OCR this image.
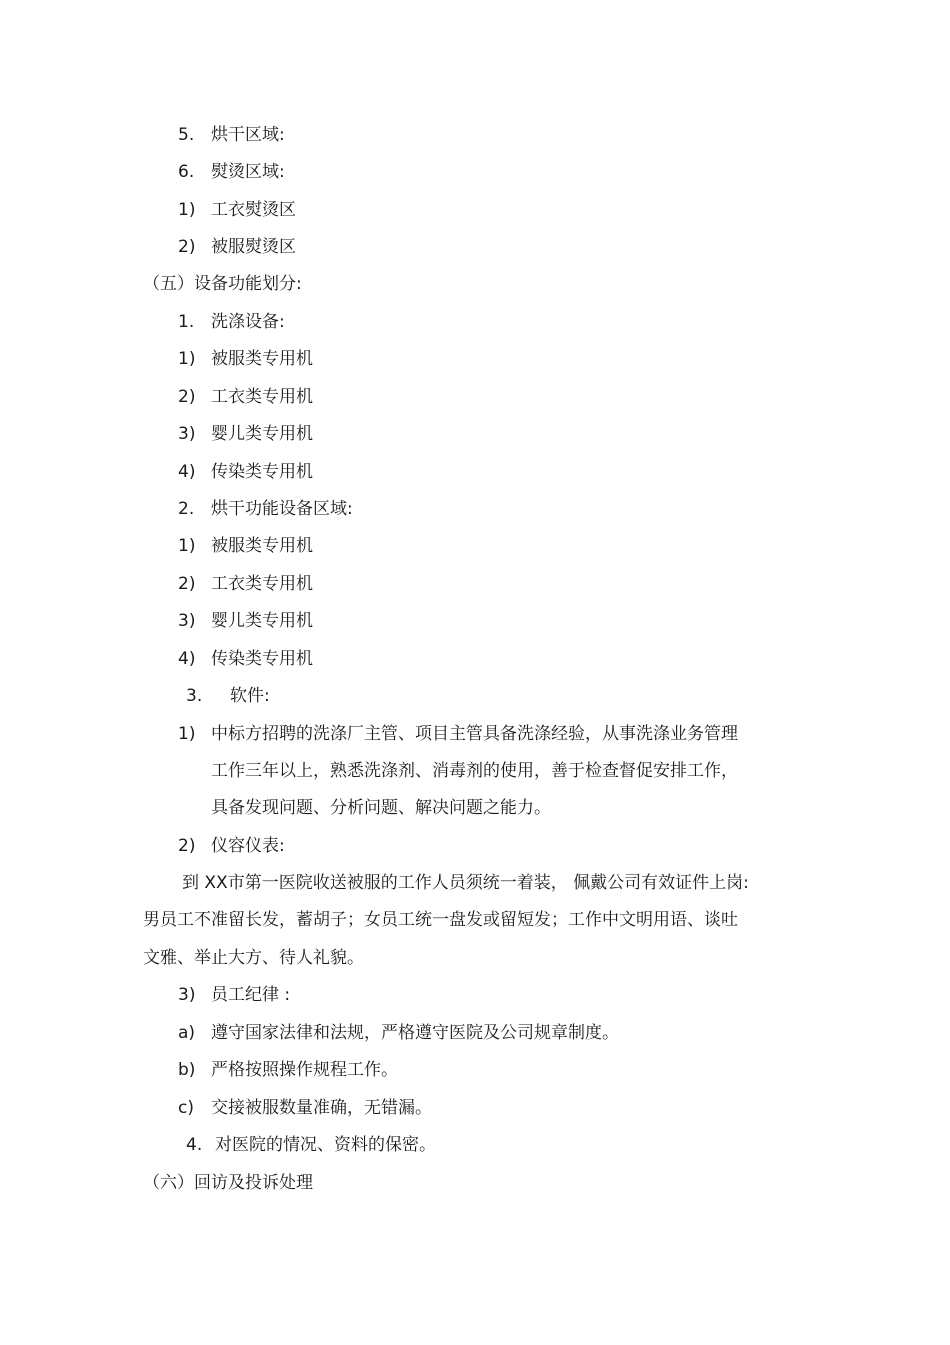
5. 烘干区域:
6. 熨烫区域:
1) 工衣熨烫区
2) 被服熨烫区
（五）设备功能划分:
1. 洗涤设备:
1) 被服类专用机
2) 工衣类专用机
3) 婴儿类专用机
4) 传染类专用机
2. 烘干功能设备区域:
1) 被服类专用机
2) 工衣类专用机
3) 婴儿类专用机
4) 传染类专用机
3. 软件:
1) 中标方招聘的洗涤厂主管、项目主管具备洗涤经验，从事洗涤业务管理
工作三年以上，熟悉洗涤剂、消毒剂的使用，善于检查督促安排工作，
具备发现问题、分析问题、解决问题之能力。
2) 仪容仪表:
到 XX市第一医院收送被服的工作人员须统一着装， 佩戴公司有效证件上岗:
男员工不准留长发，蓄胡子；女员工统一盘发或留短发；工作中文明用语、谈吐
文雅、举止大方、待人礼貌。
3) 员工纪律 :
a) 遵守国家法律和法规，严格遵守医院及公司规章制度。
b) 严格按照操作规程工作。
c) 交接被服数量准确，无错漏。
4. 对医院的情况、资料的保密。
（六）回访及投诉处理
